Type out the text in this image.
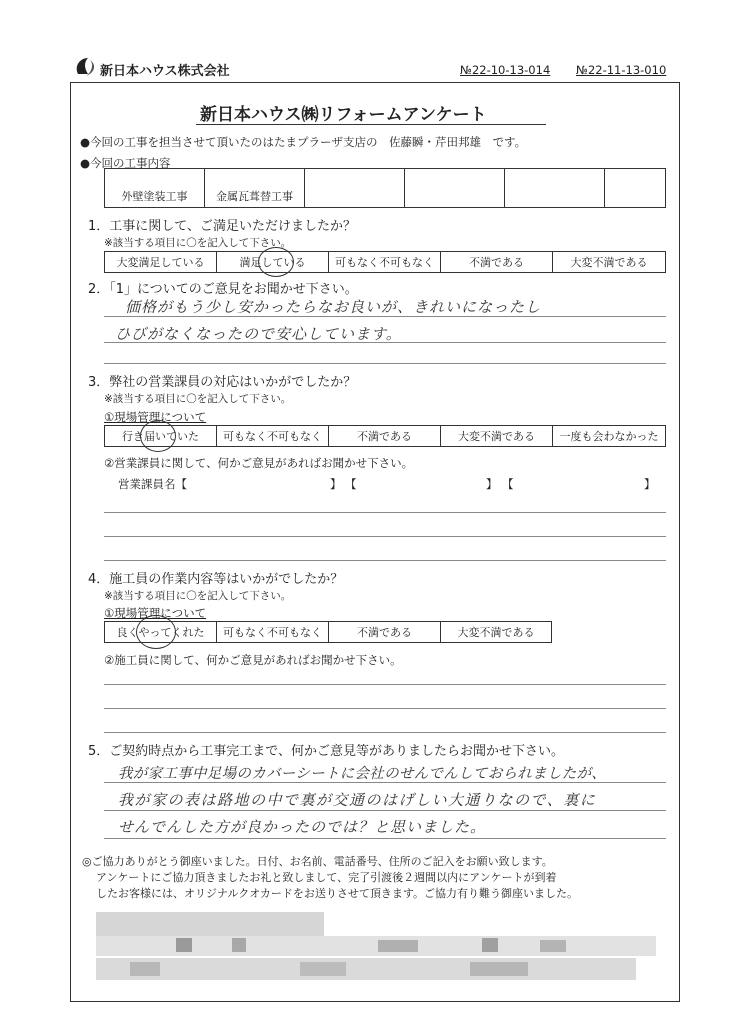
新日本ハウス株式会社	№22-10-13-014 №22-11-13-010
新日本ハウス㈱リフォームアンケート
●今回の工事を担当させて頂いたのはたまプラーザ支店の　佐藤瞬・芹田邦雄　です。
●今回の工事内容
外壁塗装工事	金属瓦葺替工事
1．工事に関して、ご満足いただけましたか？
※該当する項目に〇を記入して下さい。
大変満足している	満足している	可もなく不可もなく	不満である	大変不満である
2．「1」についてのご意見をお聞かせ下さい。
価格がもう少し安かったらなお良いが、きれいになったし
ひびがなくなったので安心しています。
3．弊社の営業課員の対応はいかがでしたか？
※該当する項目に〇を記入して下さい。
①現場管理について
行き届いていた	可もなく不可もなく	不満である	大変不満である	一度も会わなかった
②営業課員に関して、何かご意見があればお聞かせ下さい。
営業課員名【	】 【	】 【	】
4．施工員の作業内容等はいかがでしたか？
※該当する項目に〇を記入して下さい。
①現場管理について
良くやってくれた	可もなく不可もなく	不満である	大変不満である
②施工員に関して、何かご意見があればお聞かせ下さい。
5．ご契約時点から工事完工まで、何かご意見等がありましたらお聞かせ下さい。
我が家工事中足場のカバーシートに会社のせんでんしておられましたが、
我が家の表は路地の中で裏が交通のはげしい大通りなので、裏に
せんでんした方が良かったのでは？と思いました。
◎ご協力ありがとう御座いました。日付、お名前、電話番号、住所のご記入をお願い致します。
アンケートにご協力頂きましたお礼と致しまして、完了引渡後２週間以内にアンケートが到着
したお客様には、オリジナルクオカードをお送りさせて頂きます。ご協力有り難う御座いました。
